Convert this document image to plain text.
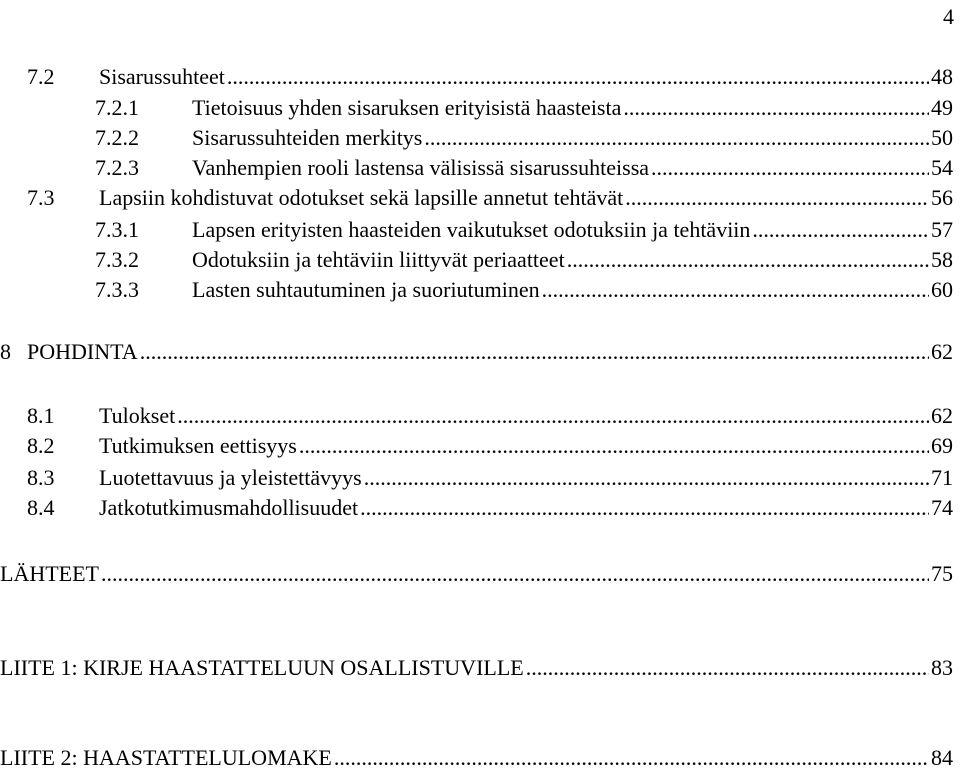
4
7.2	Sisarussuhteet .....	48
7.2.1	Tietoisuus yhden sisaruksen erityisistä haasteista .....	49
7.2.2	Sisarussuhteiden merkitys .....	50
7.2.3	Vanhempien rooli lastensa välisissä sisarussuhteissa .....	54
7.3	Lapsiin kohdistuvat odotukset sekä lapsille annetut tehtävät .....	56
7.3.1	Lapsen erityisten haasteiden vaikutukset odotuksiin ja tehtäviin .....	57
7.3.2	Odotuksiin ja tehtäviin liittyvät periaatteet .....	58
7.3.3	Lasten suhtautuminen ja suoriutuminen .....	60
8 POHDINTA .....	62
8.1	Tulokset .....	62
8.2	Tutkimuksen eettisyys .....	69
8.3	Luotettavuus ja yleistettävyys .....	71
8.4	Jatkotutkimusmahdollisuudet .....	74
LÄHTEET .....	75
LIITE 1: KIRJE HAASTATTELUUN OSALLISTUVILLE .....	83
LIITE 2: HAASTATTELULOMAKE .....	84
